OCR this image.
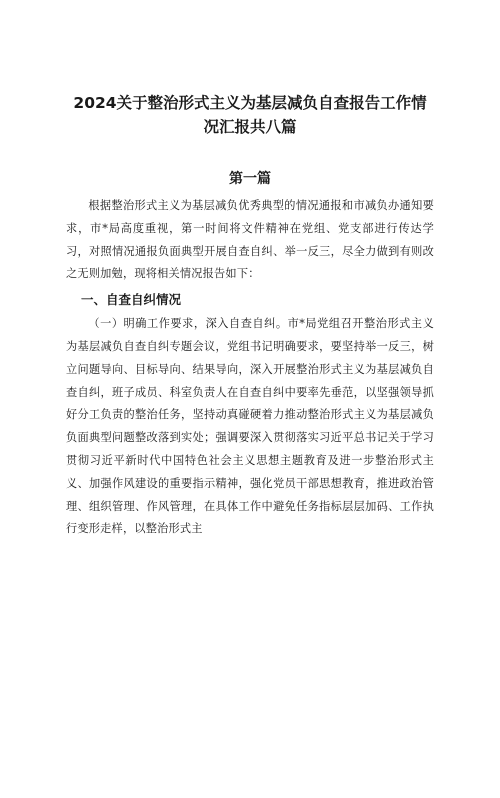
2024关于整治形式主义为基层减负自查报告工作情况汇报共八篇
第一篇

根据整治形式主义为基层减负优秀典型的情况通报和市减负办通知要求，市*局高度重视，第一时间将文件精神在党组、党支部进行传达学习，对照情况通报负面典型开展自查自纠、举一反三，尽全力做到有则改之无则加勉，现将相关情况报告如下：

一、自查自纠情况

（一）明确工作要求，深入自查自纠。市*局党组召开整治形式主义为基层减负自查自纠专题会议，党组书记明确要求，要坚持举一反三，树立问题导向、目标导向、结果导向，深入开展整治形式主义为基层减负自查自纠，班子成员、科室负责人在自查自纠中要率先垂范，以坚强领导抓好分工负责的整治任务，坚持动真碰硬着力推动整治形式主义为基层减负负面典型问题整改落到实处；强调要深入贯彻落实习近平总书记关于学习贯彻习近平新时代中国特色社会主义思想主题教育及进一步整治形式主义、加强作风建设的重要指示精神，强化党员干部思想教育，推进政治管理、组织管理、作风管理，在具体工作中避免任务指标层层加码、工作执行变形走样，以整治形式主
